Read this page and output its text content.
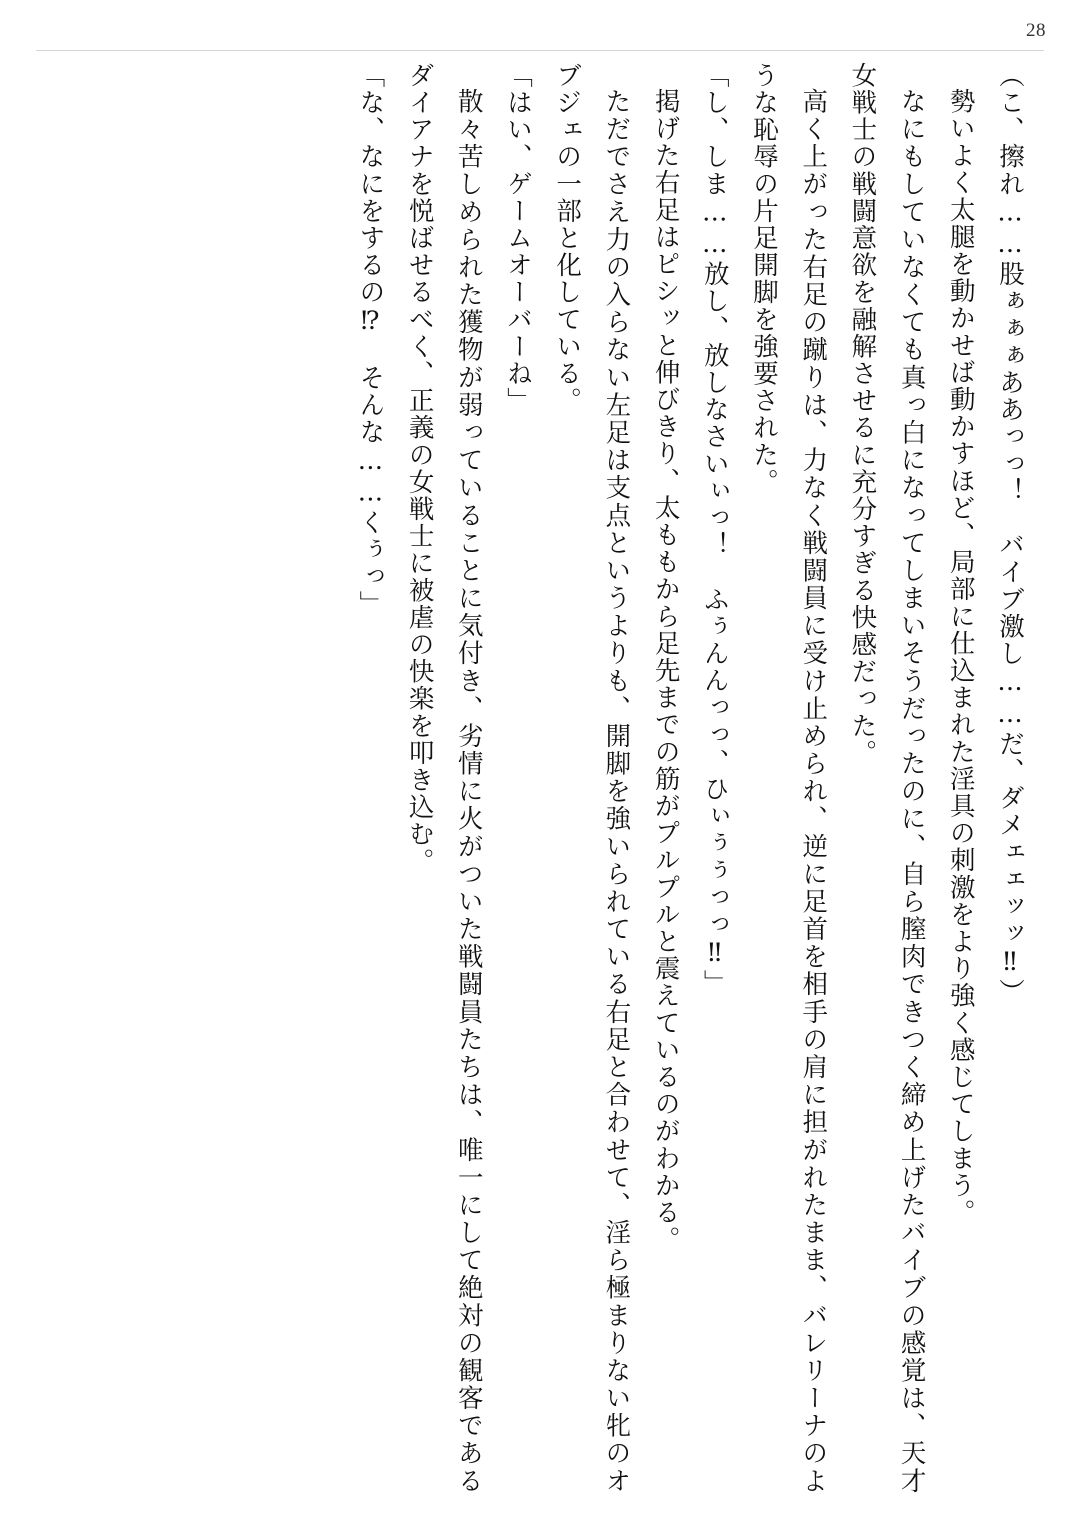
28

（こ、擦れ……股ぁぁぁああっっ！　バイブ激し……だ、ダメェェッッ‼）

勢いよく太腿を動かせば動かすほど、局部に仕込まれた淫具の刺激をより強く感じてしまう。

なにもしていなくても真っ白になってしまいそうだったのに、自ら膣肉できつく締め上げたバイブの感覚は、天才女戦士の戦闘意欲を融解させるに充分すぎる快感だった。

高く上がった右足の蹴りは、力なく戦闘員に受け止められ、逆に足首を相手の肩に担がれたまま、バレリーナのような恥辱の片足開脚を強要された。

「し、しま……放し、放しなさいぃっ！　ふぅんんっっ、ひぃぅぅっっ‼」

掲げた右足はピシッと伸びきり、太ももから足先までの筋がプルプルと震えているのがわかる。

ただでさえ力の入らない左足は支点というよりも、開脚を強いられている右足と合わせて、淫ら極まりない牝のオブジェの一部と化している。

「はい、ゲームオーバーね」

散々苦しめられた獲物が弱っていることに気付き、劣情に火がついた戦闘員たちは、唯一にして絶対の観客であるダイアナを悦ばせるべく、正義の女戦士に被虐の快楽を叩き込む。

「な、なにをするの⁉　そんな……くぅっ」
